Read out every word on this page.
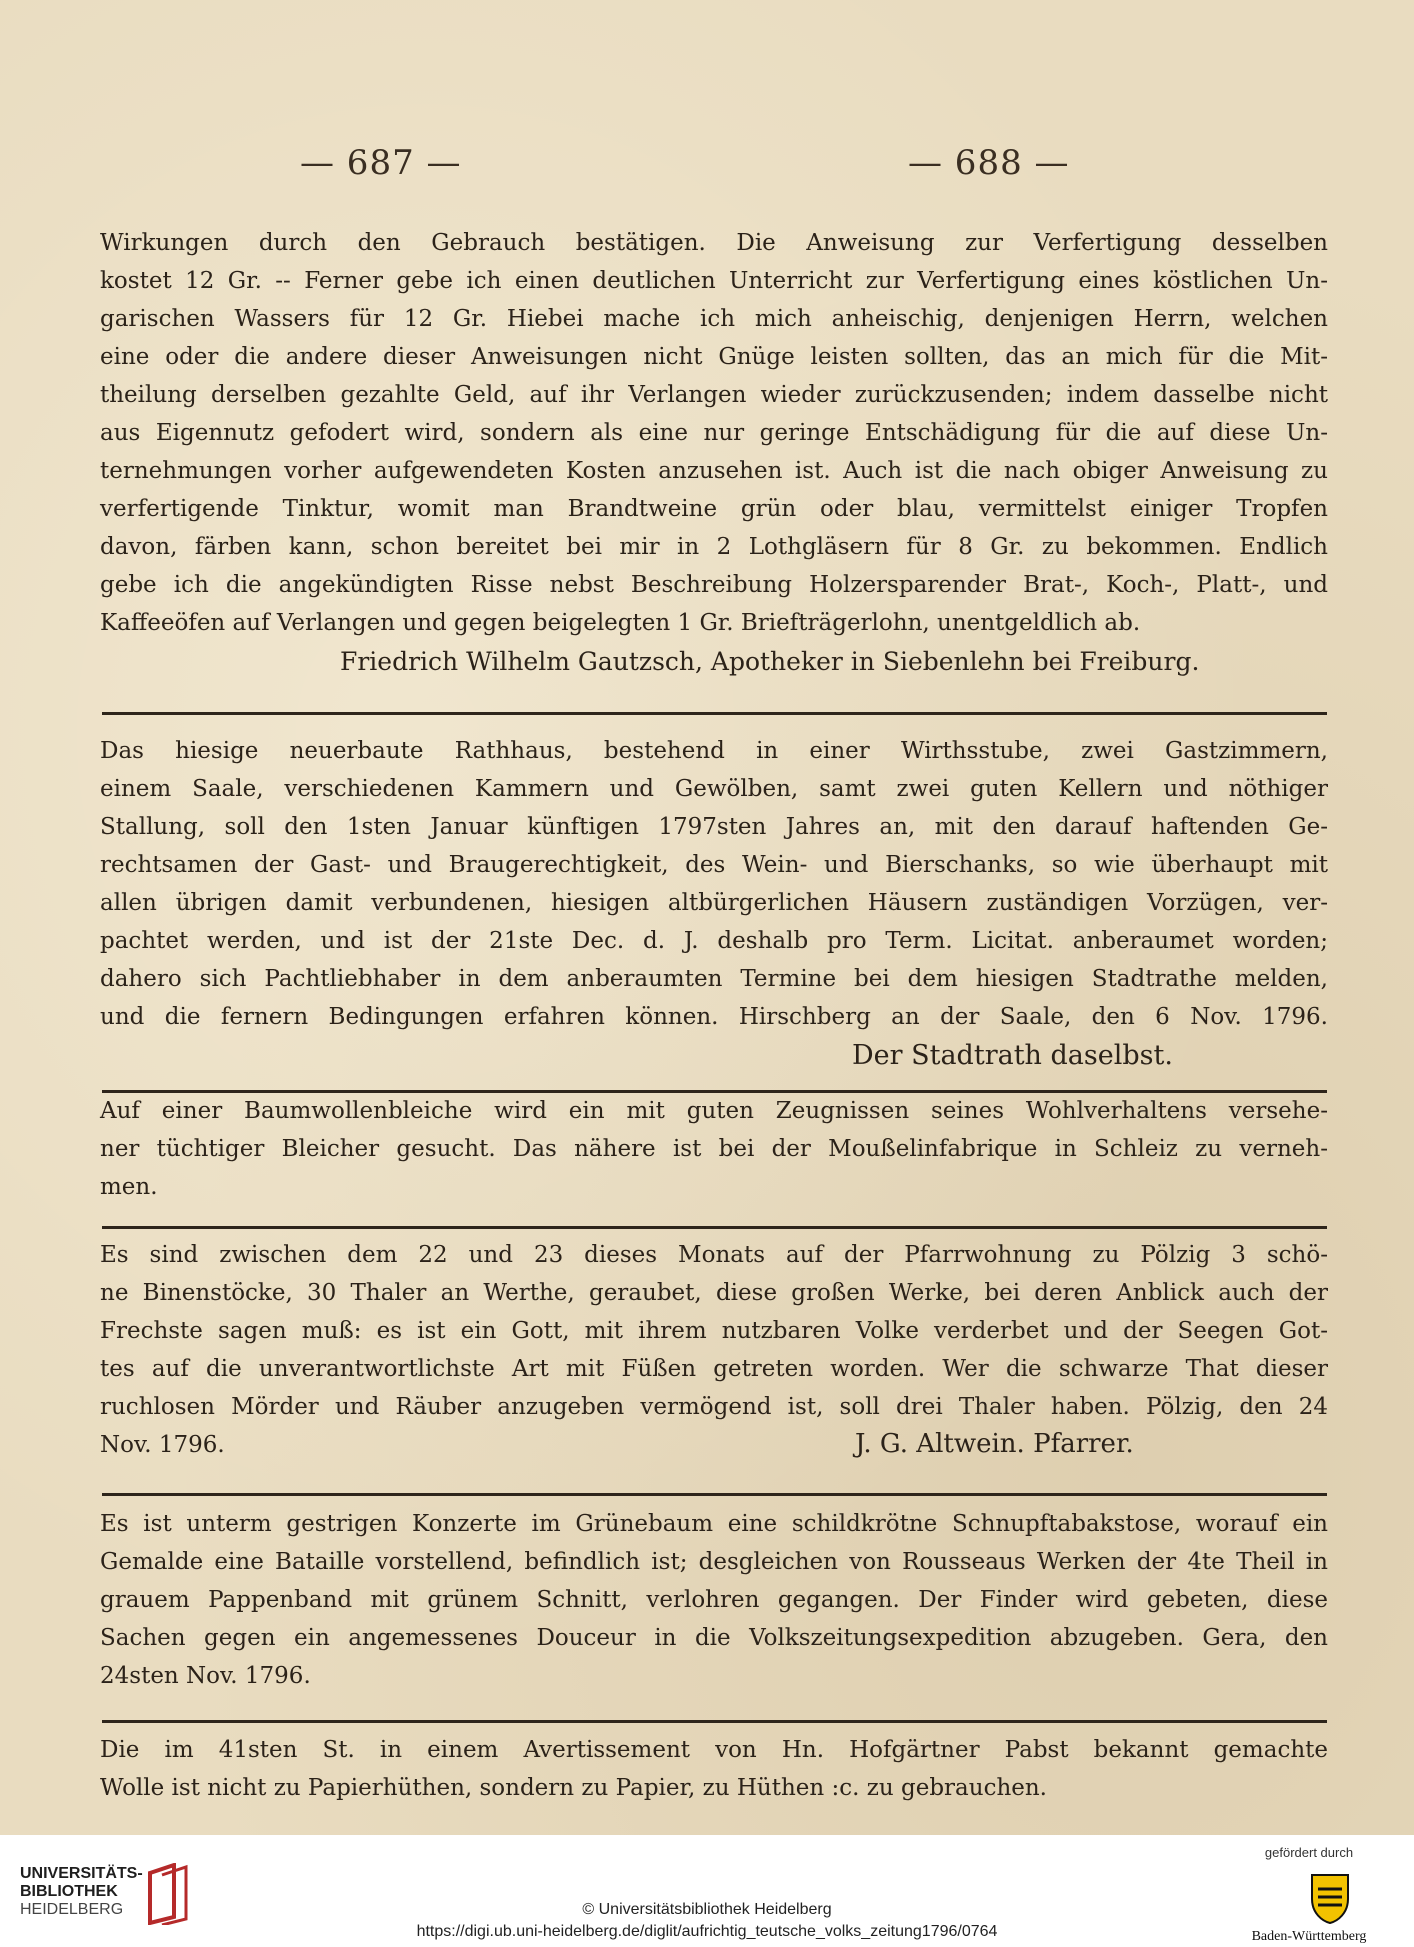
— 687 —	— 688 —
Wirkungen durch den Gebrauch bestätigen. Die Anweisung zur Verfertigung desselben
kostet 12 Gr. -- Ferner gebe ich einen deutlichen Unterricht zur Verfertigung eines köstlichen Un-
garischen Wassers für 12 Gr. Hiebei mache ich mich anheischig, denjenigen Herrn, welchen
eine oder die andere dieser Anweisungen nicht Gnüge leisten sollten, das an mich für die Mit-
theilung derselben gezahlte Geld, auf ihr Verlangen wieder zurückzusenden; indem dasselbe nicht
aus Eigennutz gefodert wird, sondern als eine nur geringe Entschädigung für die auf diese Un-
ternehmungen vorher aufgewendeten Kosten anzusehen ist. Auch ist die nach obiger Anweisung zu
verfertigende Tinktur, womit man Brandtweine grün oder blau, vermittelst einiger Tropfen
davon, färben kann, schon bereitet bei mir in 2 Lothgläsern für 8 Gr. zu bekommen. Endlich
gebe ich die angekündigten Risse nebst Beschreibung Holzersparender Brat-, Koch-, Platt-, und
Kaffeeöfen auf Verlangen und gegen beigelegten 1 Gr. Briefträgerlohn, unentgeldlich ab.
Friedrich Wilhelm Gautzsch, Apotheker in Siebenlehn bei Freiburg.
Das hiesige neuerbaute Rathhaus, bestehend in einer Wirthsstube, zwei Gastzimmern,
einem Saale, verschiedenen Kammern und Gewölben, samt zwei guten Kellern und nöthiger
Stallung, soll den 1sten Januar künftigen 1797sten Jahres an, mit den darauf haftenden Ge-
rechtsamen der Gast- und Braugerechtigkeit, des Wein- und Bierschanks, so wie überhaupt mit
allen übrigen damit verbundenen, hiesigen altbürgerlichen Häusern zuständigen Vorzügen, ver-
pachtet werden, und ist der 21ste Dec. d. J. deshalb pro Term. Licitat. anberaumet worden;
dahero sich Pachtliebhaber in dem anberaumten Termine bei dem hiesigen Stadtrathe melden,
und die fernern Bedingungen erfahren können. Hirschberg an der Saale, den 6 Nov. 1796.
Der Stadtrath daselbst.
Auf einer Baumwollenbleiche wird ein mit guten Zeugnissen seines Wohlverhaltens versehe-
ner tüchtiger Bleicher gesucht. Das nähere ist bei der Moußelinfabrique in Schleiz zu verneh-
men.
Es sind zwischen dem 22 und 23 dieses Monats auf der Pfarrwohnung zu Pölzig 3 schö-
ne Binenstöcke, 30 Thaler an Werthe, geraubet, diese großen Werke, bei deren Anblick auch der
Frechste sagen muß: es ist ein Gott, mit ihrem nutzbaren Volke verderbet und der Seegen Got-
tes auf die unverantwortlichste Art mit Füßen getreten worden. Wer die schwarze That dieser
ruchlosen Mörder und Räuber anzugeben vermögend ist, soll drei Thaler haben. Pölzig, den 24
Nov. 1796.	J. G. Altwein. Pfarrer.
Es ist unterm gestrigen Konzerte im Grünebaum eine schildkrötne Schnupftabakstose, worauf ein
Gemalde eine Bataille vorstellend, befindlich ist; desgleichen von Rousseaus Werken der 4te Theil in
grauem Pappenband mit grünem Schnitt, verlohren gegangen. Der Finder wird gebeten, diese
Sachen gegen ein angemessenes Douceur in die Volkszeitungsexpedition abzugeben. Gera, den
24sten Nov. 1796.
Die im 41sten St. in einem Avertissement von Hn. Hofgärtner Pabst bekannt gemachte
Wolle ist nicht zu Papierhüthen, sondern zu Papier, zu Hüthen :c. zu gebrauchen.
UNIVERSITÄTS-
BIBLIOTHEK
HEIDELBERG	© Universitätsbibliothek Heidelberg
https://digi.ub.uni-heidelberg.de/diglit/aufrichtig_teutsche_volks_zeitung1796/0764
gefördert durch
Baden-Württemberg
